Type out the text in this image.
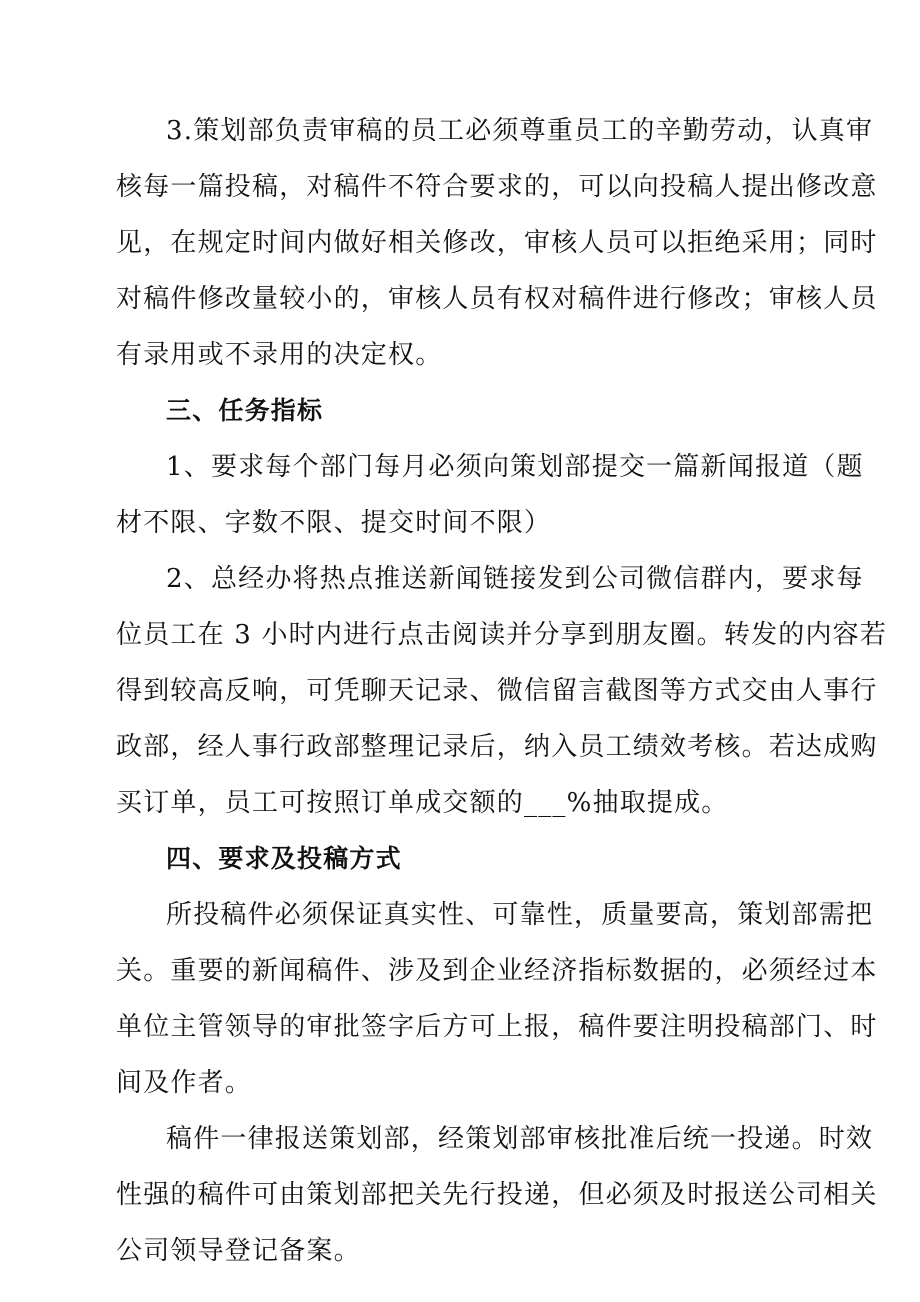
3.策划部负责审稿的员工必须尊重员工的辛勤劳动，认真审
核每一篇投稿，对稿件不符合要求的，可以向投稿人提出修改意
见，在规定时间内做好相关修改，审核人员可以拒绝采用；同时
对稿件修改量较小的，审核人员有权对稿件进行修改；审核人员
有录用或不录用的决定权。
三、任务指标
1、要求每个部门每月必须向策划部提交一篇新闻报道（题
材不限、字数不限、提交时间不限）
2、总经办将热点推送新闻链接发到公司微信群内，要求每
位员工在 3 小时内进行点击阅读并分享到朋友圈。转发的内容若
得到较高反响，可凭聊天记录、微信留言截图等方式交由人事行
政部，经人事行政部整理记录后，纳入员工绩效考核。若达成购
买订单，员工可按照订单成交额的___%抽取提成。
四、要求及投稿方式
所投稿件必须保证真实性、可靠性，质量要高，策划部需把
关。重要的新闻稿件、涉及到企业经济指标数据的，必须经过本
单位主管领导的审批签字后方可上报，稿件要注明投稿部门、时
间及作者。
稿件一律报送策划部，经策划部审核批准后统一投递。时效
性强的稿件可由策划部把关先行投递，但必须及时报送公司相关
公司领导登记备案。
